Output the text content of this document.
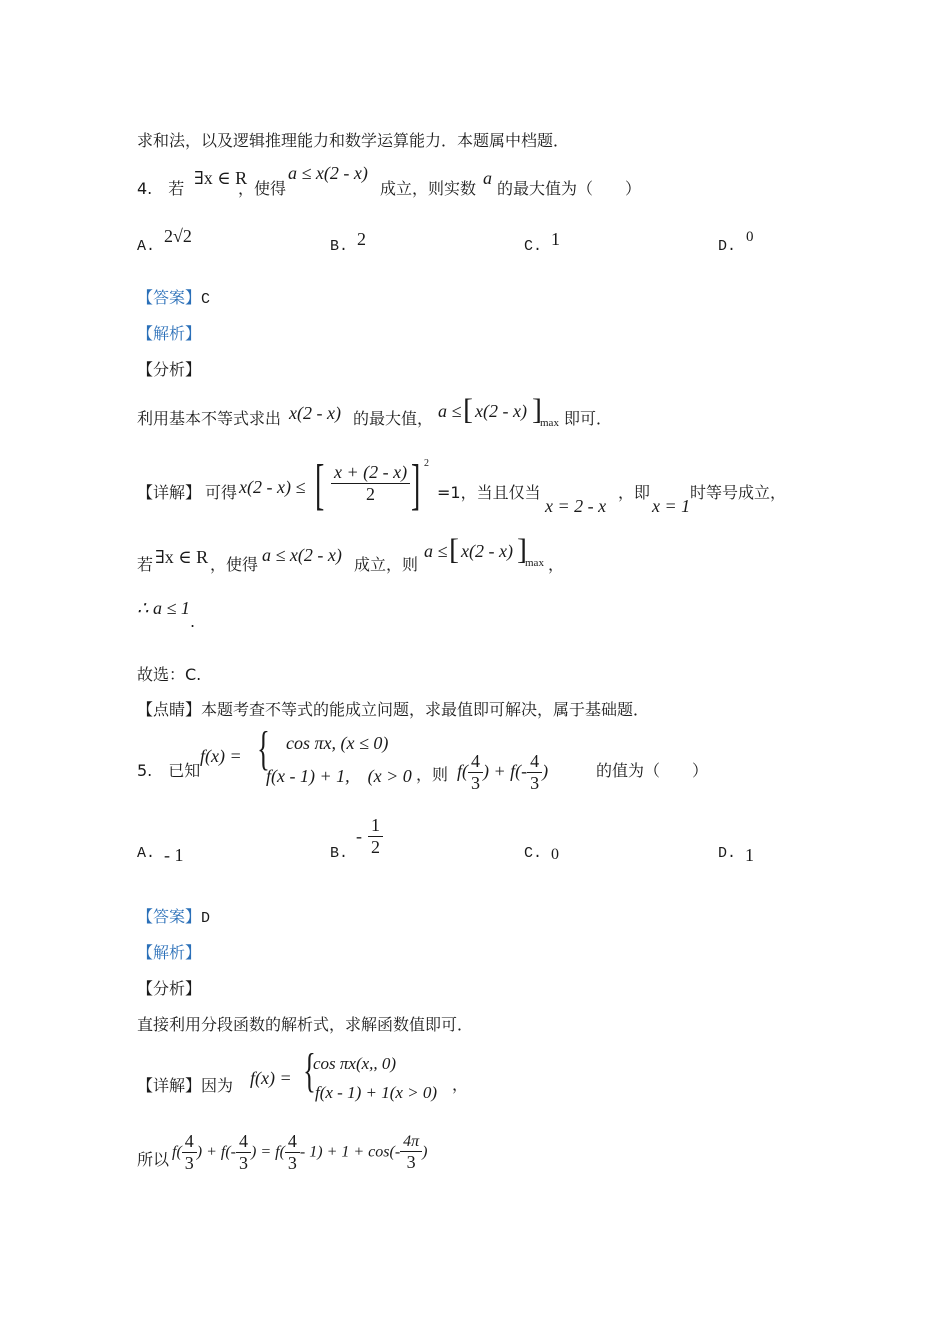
求和法，以及逻辑推理能力和数学运算能力．本题属中档题．
4.　 若
∃x ∈ R
，使得
a ≤ x(2 - x)
成立，则实数
a
的最大值为（　　）
A.
2√2
B. 2	C. 1	D.
0
【答案】C
【解析】
【分析】
利用基本不等式求出 x(2 - x) 的最大值， a ≤ [ x(2 - x) ]
max 即可．
【详解】 可得 x(2 - x) ≤ [ $\frac{x + (2 - x)}{2}$ ] 2
=1，当且仅当
x = 2 - x
，即
x = 1
时等号成立，
若 ∃x ∈ R ，使得 a ≤ x(2 - x) 成立，则
a ≤ [ x(2 - x) ]
max ，
∴ a ≤ 1
.
故选：C.
【点睛】本题考查不等式的能成立问题，求最值即可解决，属于基础题．
5.　 已知
f(x) = { cos πx, (x ≤ 0)
f(x - 1) + 1,　(x > 0 ，则 $f( \frac{4}{3}$ ) + $f(- \frac{4}{3}$ )	的值为（　　）
A. - 1	B.
- $\frac{1}{2}$	C. 0	D. 1
【答案】D
【解析】
【分析】
直接利用分段函数的解析式，求解函数值即可．
【详解】因为 f(x) = {
cos πx(x,, 0)
f(x - 1) + 1(x > 0) ，
所以 $f( \frac{4}{3}$ ) + $f(- \frac{4}{3}$ ) = $f( \frac{4}{3} - 1) + 1 + \cos(- \frac{4\pi}{3}$ )
